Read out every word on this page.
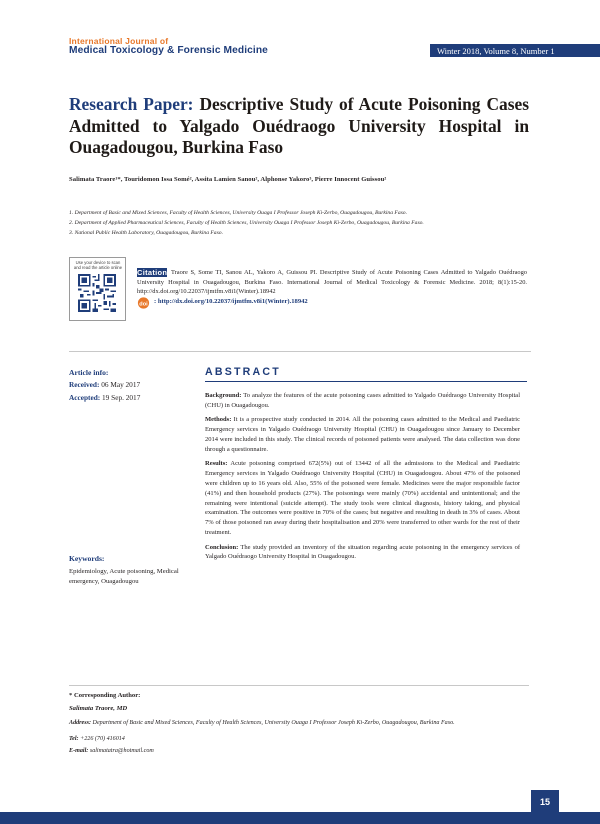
International Journal of
Medical Toxicology & Forensic Medicine	Winter 2018, Volume 8, Number 1
Research Paper: Descriptive Study of Acute Poisoning Cases Admitted to Yalgado Ouédraogo University Hospital in Ouagadougou, Burkina Faso
Salimata Traore¹*, Touridomon Issa Somé², Assita Lamien Sanou², Alphonse Yakoro³, Pierre Innocent Guissou²
1. Department of Basic and Mixed Sciences, Faculty of Health Sciences, University Ouaga I Professor Joseph Ki-Zerbo, Ouagadougou, Burkina Faso.
2. Department of Applied Pharmaceutical Sciences, Faculty of Health Sciences, University Ouaga I Professor Joseph Ki-Zerbo, Ouagadougou, Burkina Faso.
3. National Public Health Laboratory, Ouagadougou, Burkina Faso.
Use your device to scan and read the article online
Traore S, Some TI, Sanou AL, Yakoro A, Guissou PI. Descriptive Study of Acute Poisoning Cases Admitted to Yalgado Ouédraogo University Hospital in Ouagadougou, Burkina Faso. International Journal of Medical Toxicology & Forensic Medicine. 2018; 8(1):15-20. http://dx.doi.org/10.22037/ijmtfm.v8i1(Winter).18942
Citation:
doi : http://dx.doi.org/10.22037/ijmtfm.v8i1(Winter).18942
Article info:
Received: 06 May 2017
Accepted: 19 Sep. 2017
ABSTRACT

Background: To analyze the features of the acute poisoning cases admitted to Yalgado Ouédraogo University Hospital (CHU) in Ouagadougou.

Methods: It is a prospective study conducted in 2014. All the poisoning cases admitted to the Medical and Paediatric Emergency services in Yalgado Ouédraogo University Hospital (CHU) in Ouagadougou since January to December 2014 were included in this study. The clinical records of poisoned patients were analysed. The data collection was done through a questionnaire.

Results: Acute poisoning comprised 672(5%) out of 13442 of all the admissions to the Medical and Paediatric Emergency services in Yalgado Ouédraogo University Hospital (CHU) in Ouagadougou. About 47% of the poisoned were children up to 16 years old. Also, 55% of the poisoned were female. Medicines were the major responsible factor (41%) and then household products (27%). The poisonings were mainly (70%) accidental and unintentional; and the remaining were intentional (suicide attempt). The study tools were clinical diagnosis, history taking, and physical examination. The outcomes were positive in 70% of the cases; but negative and resulting in death in 3% of cases. About 7% of those poisoned ran away during their hospitalisation and 20% were transferred to other wards for the rest of their treatment.

Conclusion: The study provided an inventory of the situation regarding acute poisoning in the emergency services of Yalgado Ouédraogo University Hospital in Ouagadougou.

Keywords:
Epidemiology, Acute poisoning, Medical emergency, Ouagadougou
* Corresponding Author:
Salimata Traore, MD
Address: Department of Basic and Mixed Sciences, Faculty of Health Sciences, University Ouaga I Professor Joseph Ki-Zerbo, Ouagadougou, Burkina Faso.
Tel: +226 (70) 416014
E-mail: salimatatra@hotmail.com
15
